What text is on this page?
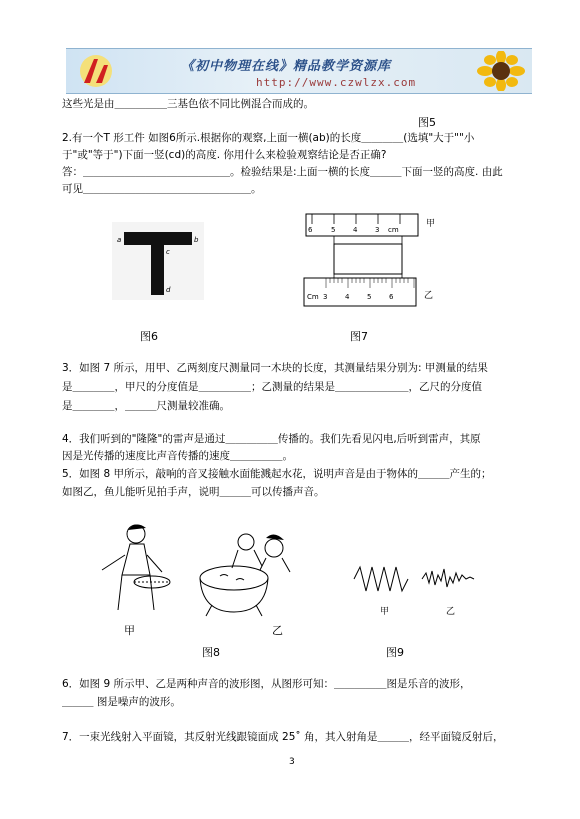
《初中物理在线》精品教学资源库
http://www.czwlzx.com
这些光是由＿＿＿＿＿三基色依不同比例混合而成的。
图5
2.有一个T 形工件 如图6所示.根据你的观察,上面一横(ab)的长度＿＿＿＿(选填"大于""小
于"或"等于")下面一竖(cd)的高度. 你用什么来检验观察结论是否正确?
答：＿＿＿＿＿＿＿＿＿＿＿＿＿＿。检验结果是:上面一横的长度＿＿＿下面一竖的高度. 由此
可见＿＿＿＿＿＿＿＿＿＿＿＿＿＿＿＿。
a	b
c
d
6	5	4	3 cm
甲
Cm 3	4	5	6	乙
图6	图7
3．如图 7 所示，用甲、乙两刻度尺测量同一木块的长度，其测量结果分别为: 甲测量的结果
是＿＿＿＿，甲尺的分度值是＿＿＿＿＿；乙测量的结果是＿＿＿＿＿＿＿，乙尺的分度值
是＿＿＿＿，＿＿＿尺测量较准确。
4．我们听到的"隆隆"的雷声是通过＿＿＿＿＿传播的。我们先看见闪电,后听到雷声，其原
因是光传播的速度比声音传播的速度＿＿＿＿＿。
5．如图 8 甲所示，敲响的音叉接触水面能溅起水花，说明声音是由于物体的＿＿＿产生的；
如图乙，鱼儿能听见拍手声，说明＿＿＿可以传播声音。
甲	乙
甲	乙
图8	图9
6．如图 9 所示甲、乙是两种声音的波形图，从图形可知：＿＿＿＿＿图是乐音的波形，
＿＿＿ 图是噪声的波形。
7．一束光线射入平面镜，其反射光线跟镜面成 25˚ 角，其入射角是＿＿＿，经平面镜反射后，
3
